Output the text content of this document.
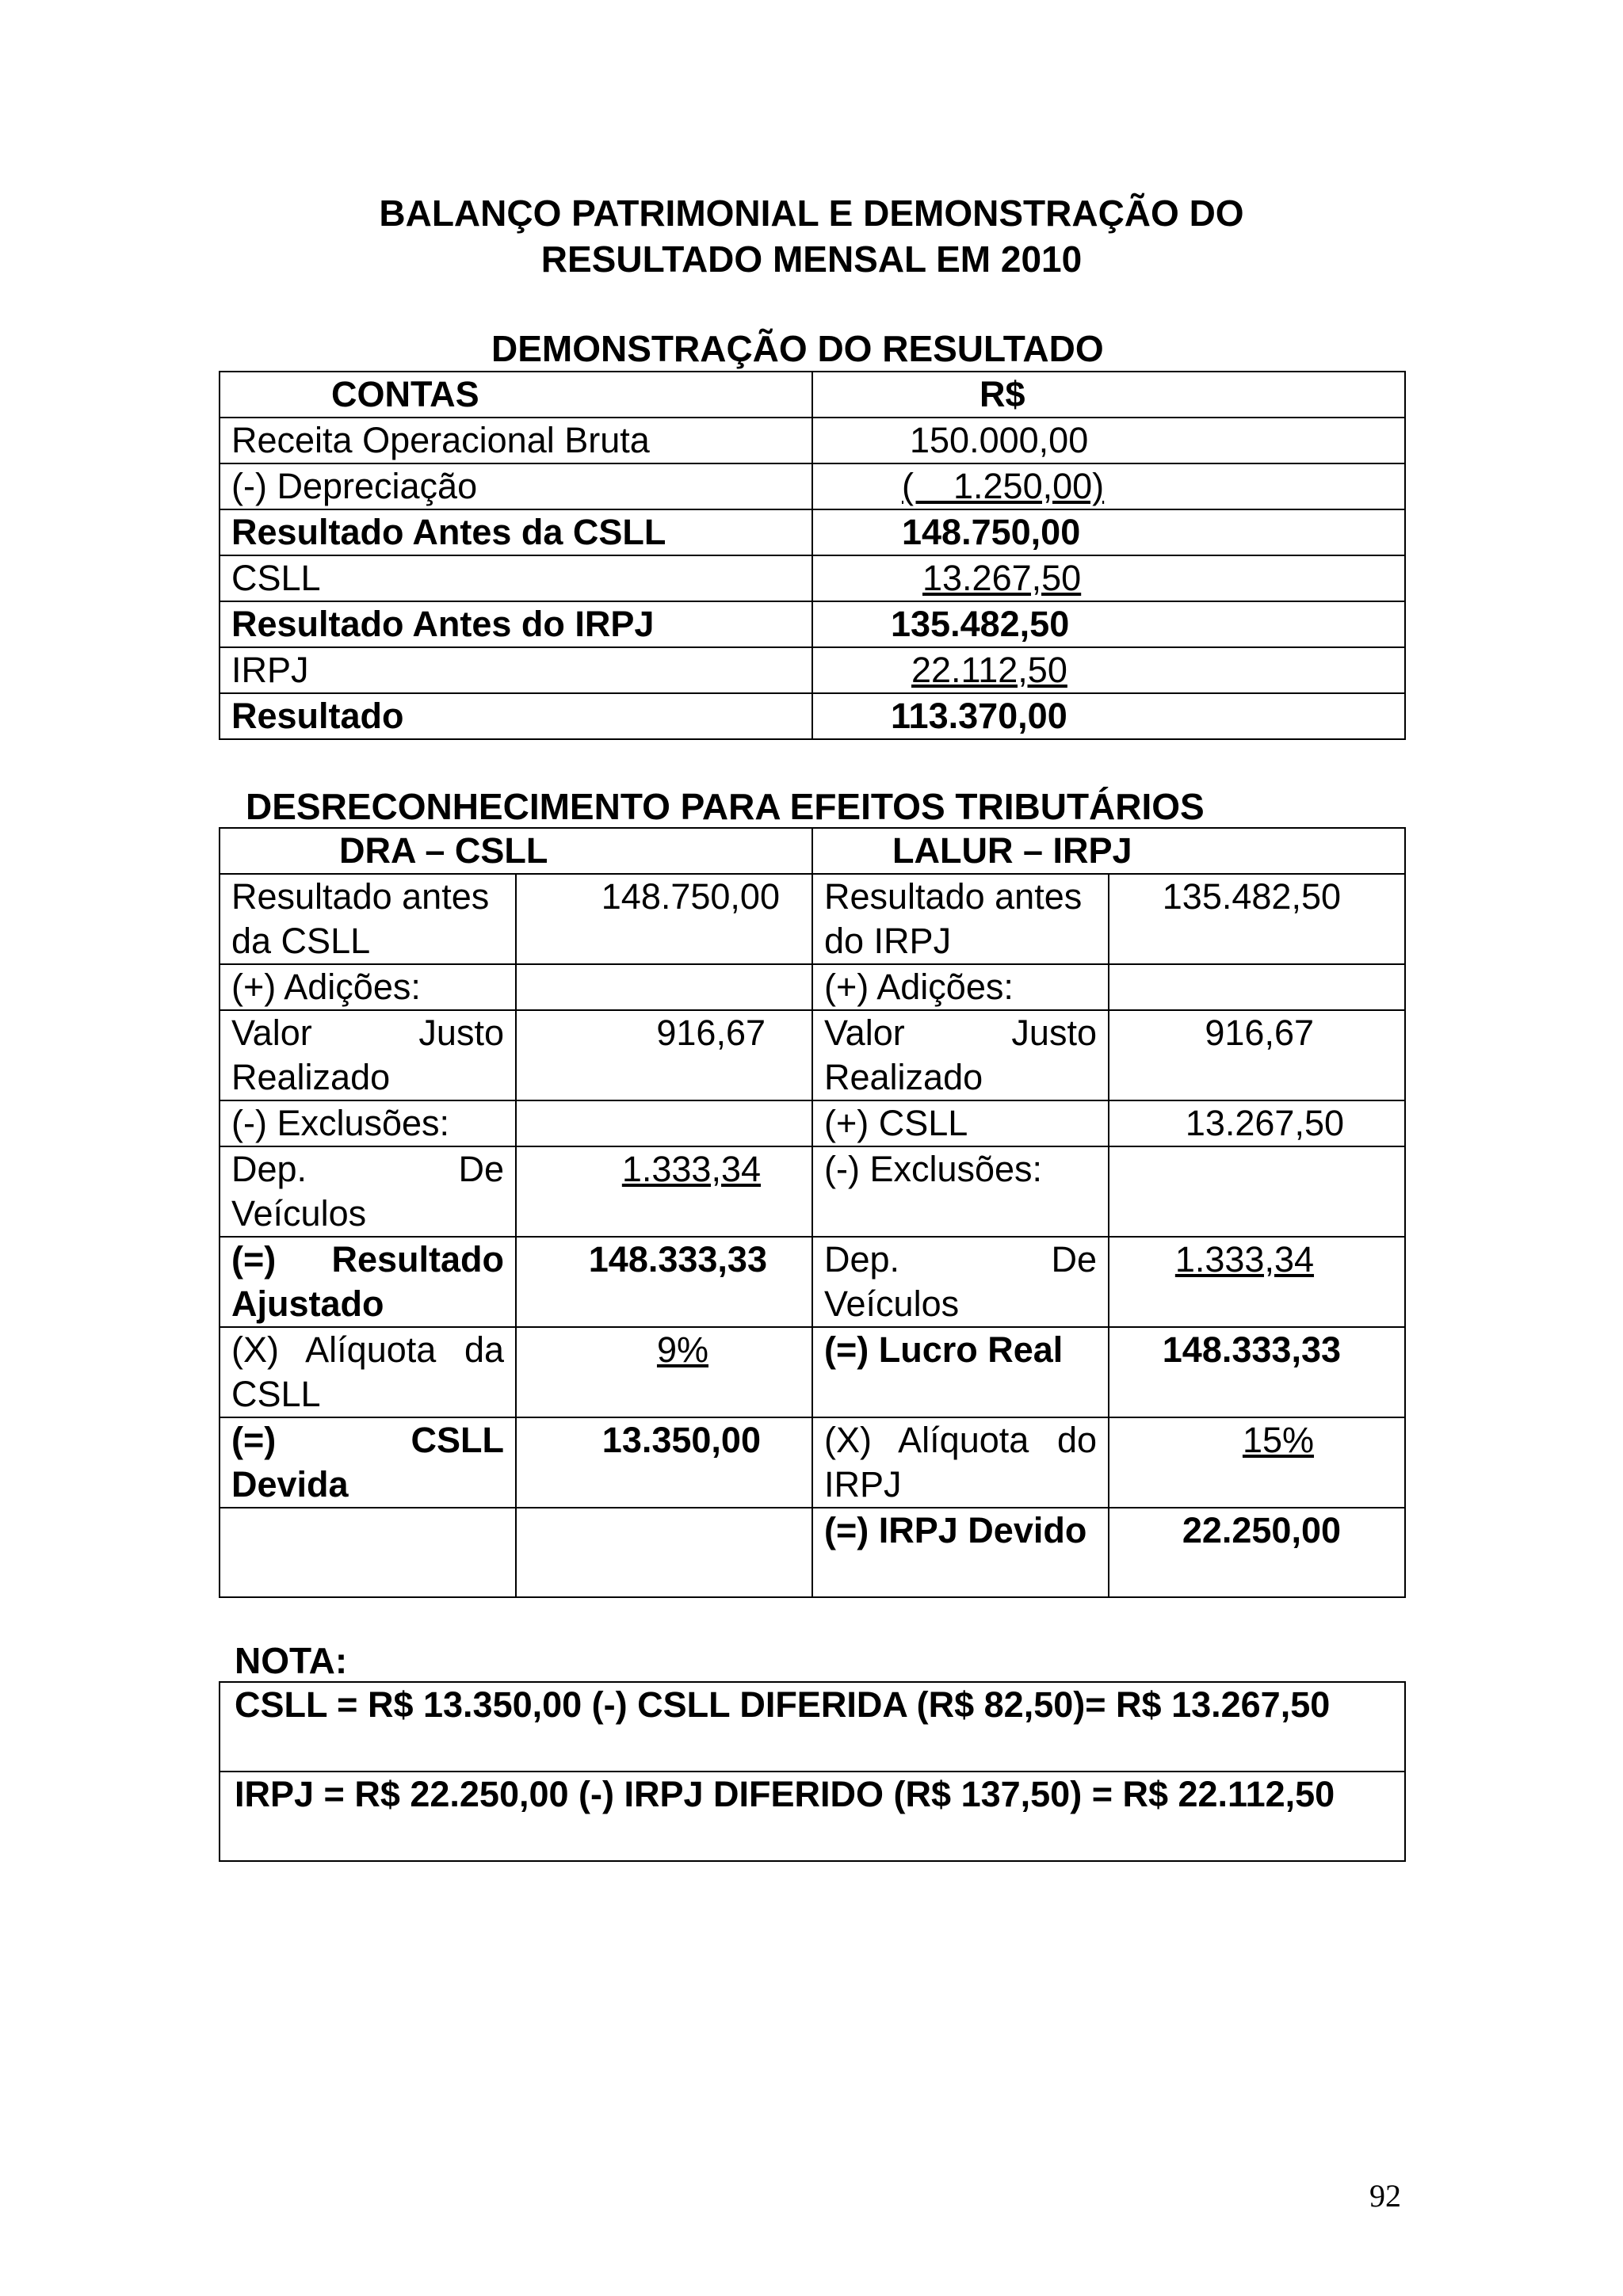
BALANÇO PATRIMONIAL E DEMONSTRAÇÃO DO
RESULTADO MENSAL EM 2010
DEMONSTRAÇÃO DO RESULTADO
CONTAS	R$
Receita Operacional Bruta	150.000,00
(-) Depreciação	(    1.250,00)
Resultado Antes da CSLL	148.750,00
CSLL	13.267,50
Resultado Antes do IRPJ	135.482,50
IRPJ	22.112,50
Resultado	113.370,00
DESRECONHECIMENTO PARA EFEITOS TRIBUTÁRIOS
DRA – CSLL		LALUR – IRPJ	
Resultado antes da CSLL	148.750,00	Resultado antes do IRPJ	135.482,50
(+) Adições:		(+) Adições:	
Valor Justo Realizado	916,67	Valor Justo Realizado	916,67
(-) Exclusões:		(+) CSLL	13.267,50
Dep. De Veículos	1.333,34	(-) Exclusões:	
(=) Resultado Ajustado	148.333,33	Dep. De Veículos	1.333,34
(X) Alíquota da CSLL	9%	(=) Lucro Real	148.333,33
(=) CSLL Devida	13.350,00	(X) Alíquota do IRPJ	15%
		(=) IRPJ Devido	22.250,00
NOTA:
CSLL = R$ 13.350,00 (-) CSLL DIFERIDA (R$ 82,50)= R$ 13.267,50
IRPJ = R$ 22.250,00 (-) IRPJ DIFERIDO (R$ 137,50) = R$ 22.112,50
92
